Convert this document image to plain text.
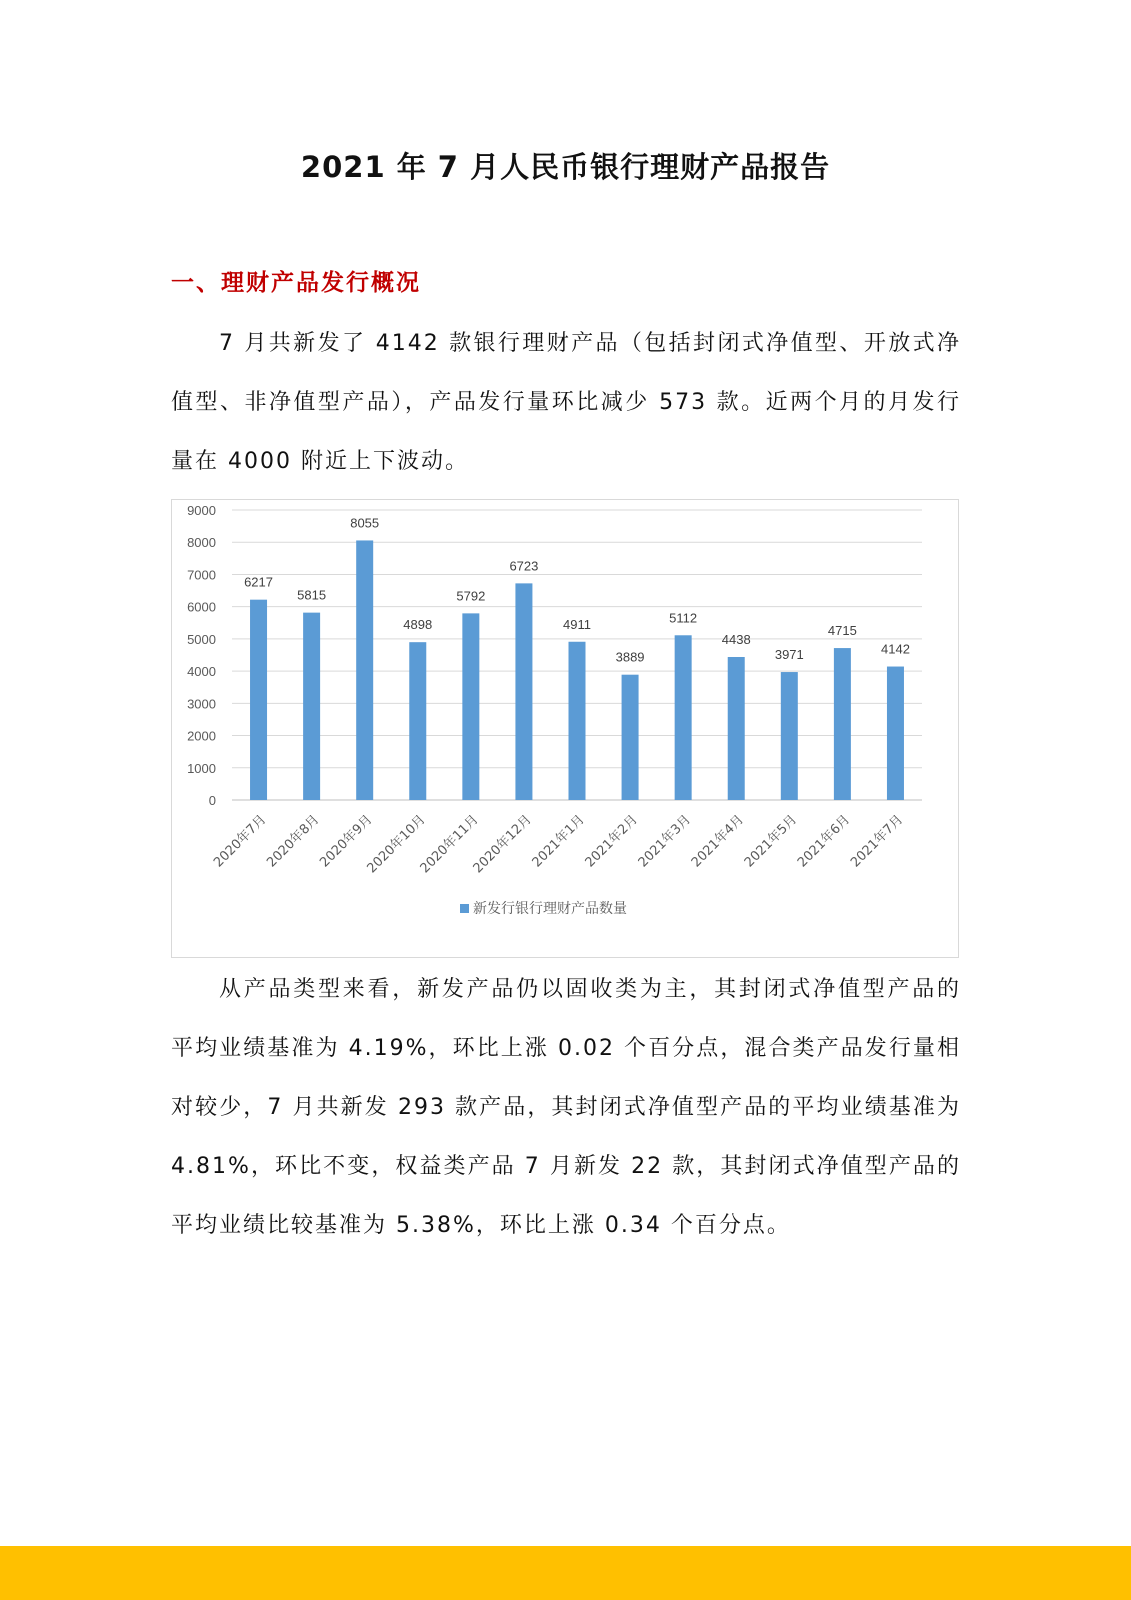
2021 年 7 月人民币银行理财产品报告
一、理财产品发行概况

7 月共新发了 4142 款银行理财产品（包括封闭式净值型、开放式净值型、非净值型产品），产品发行量环比减少 573 款。近两个月的月发行量在 4000 附近上下波动。

0
1000
2000
3000
4000
5000
6000
7000
8000
9000
6217
2020年7月
5815
2020年8月
8055
2020年9月
4898
2020年10月
5792
2020年11月
6723
2020年12月
4911
2021年1月
3889
2021年2月
5112
2021年3月
4438
2021年4月
3971
2021年5月
4715
2021年6月
4142
2021年7月
新发行银行理财产品数量

从产品类型来看，新发产品仍以固收类为主，其封闭式净值型产品的平均业绩基准为 4.19%，环比上涨 0.02 个百分点，混合类产品发行量相对较少，7 月共新发 293 款产品，其封闭式净值型产品的平均业绩基准为 4.81%，环比不变，权益类产品 7 月新发 22 款，其封闭式净值型产品的平均业绩比较基准为 5.38%，环比上涨 0.34 个百分点。
